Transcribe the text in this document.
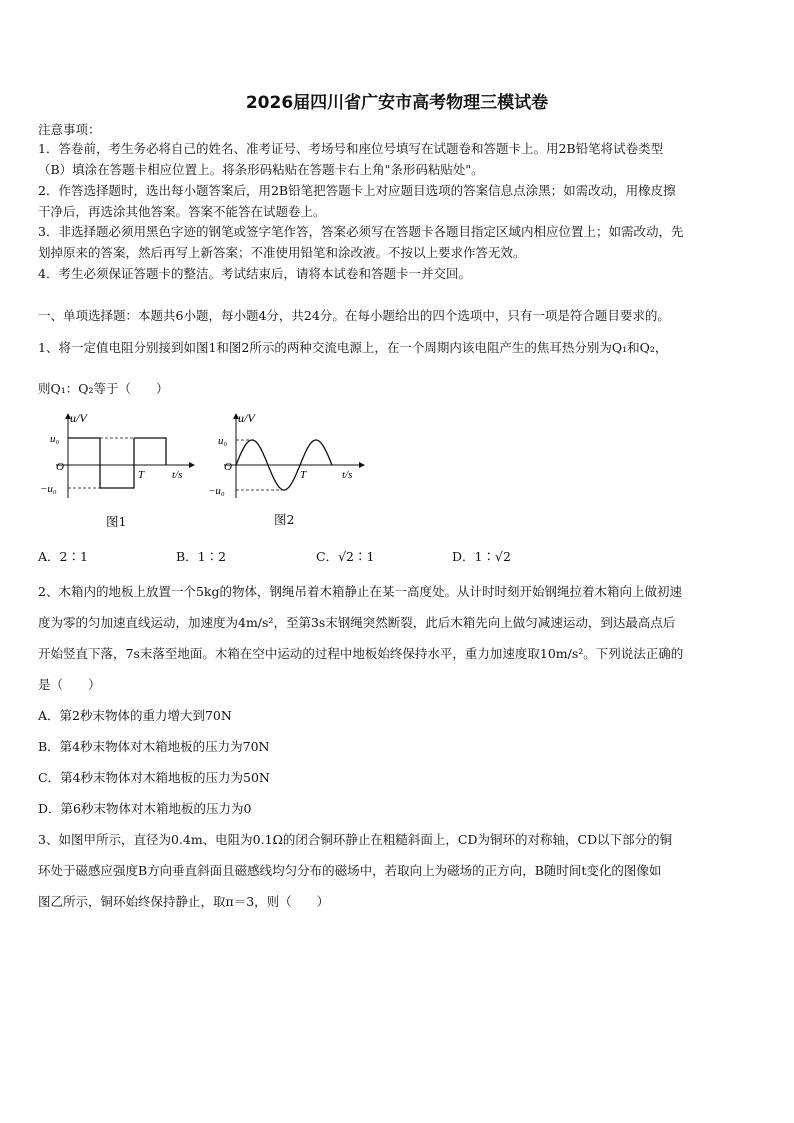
2026届四川省广安市高考物理三模试卷
注意事项：
1．答卷前，考生务必将自己的姓名、准考证号、考场号和座位号填写在试题卷和答题卡上。用2B铅笔将试卷类型
（B）填涂在答题卡相应位置上。将条形码粘贴在答题卡右上角"条形码粘贴处"。
2．作答选择题时，选出每小题答案后，用2B铅笔把答题卡上对应题目选项的答案信息点涂黑；如需改动，用橡皮擦
干净后，再选涂其他答案。答案不能答在试题卷上。
3．非选择题必须用黑色字迹的钢笔或签字笔作答，答案必须写在答题卡各题目指定区域内相应位置上；如需改动，先
划掉原来的答案，然后再写上新答案；不准使用铅笔和涂改液。不按以上要求作答无效。
4．考生必须保证答题卡的整洁。考试结束后，请将本试卷和答题卡一并交回。
一、单项选择题：本题共6小题，每小题4分，共24分。在每小题给出的四个选项中，只有一项是符合题目要求的。
1、将一定值电阻分别接到如图1和图2所示的两种交流电源上，在一个周期内该电阻产生的焦耳热分别为Q₁和Q₂，
则Q₁：Q₂等于（　　）
u/V
u₀
−u₀
O
T	t/s
图1
u/V
u₀
−u₀
O
T	t/s
图2
A．2∶1	B．1∶2	C．√2∶1	D．1∶√2
2、木箱内的地板上放置一个5kg的物体，钢绳吊着木箱静止在某一高度处。从计时时刻开始钢绳拉着木箱向上做初速
度为零的匀加速直线运动，加速度为4m/s²，至第3s末钢绳突然断裂，此后木箱先向上做匀减速运动，到达最高点后
开始竖直下落，7s末落至地面。木箱在空中运动的过程中地板始终保持水平，重力加速度取10m/s²。下列说法正确的
是（　　）
A．第2秒末物体的重力增大到70N
B．第4秒末物体对木箱地板的压力为70N
C．第4秒末物体对木箱地板的压力为50N
D．第6秒末物体对木箱地板的压力为0
3、如图甲所示，直径为0.4m、电阻为0.1Ω的闭合铜环静止在粗糙斜面上，CD为铜环的对称轴，CD以下部分的铜
环处于磁感应强度B方向垂直斜面且磁感线均匀分布的磁场中，若取向上为磁场的正方向，B随时间t变化的图像如
图乙所示，铜环始终保持静止，取π＝3，则（　　）
